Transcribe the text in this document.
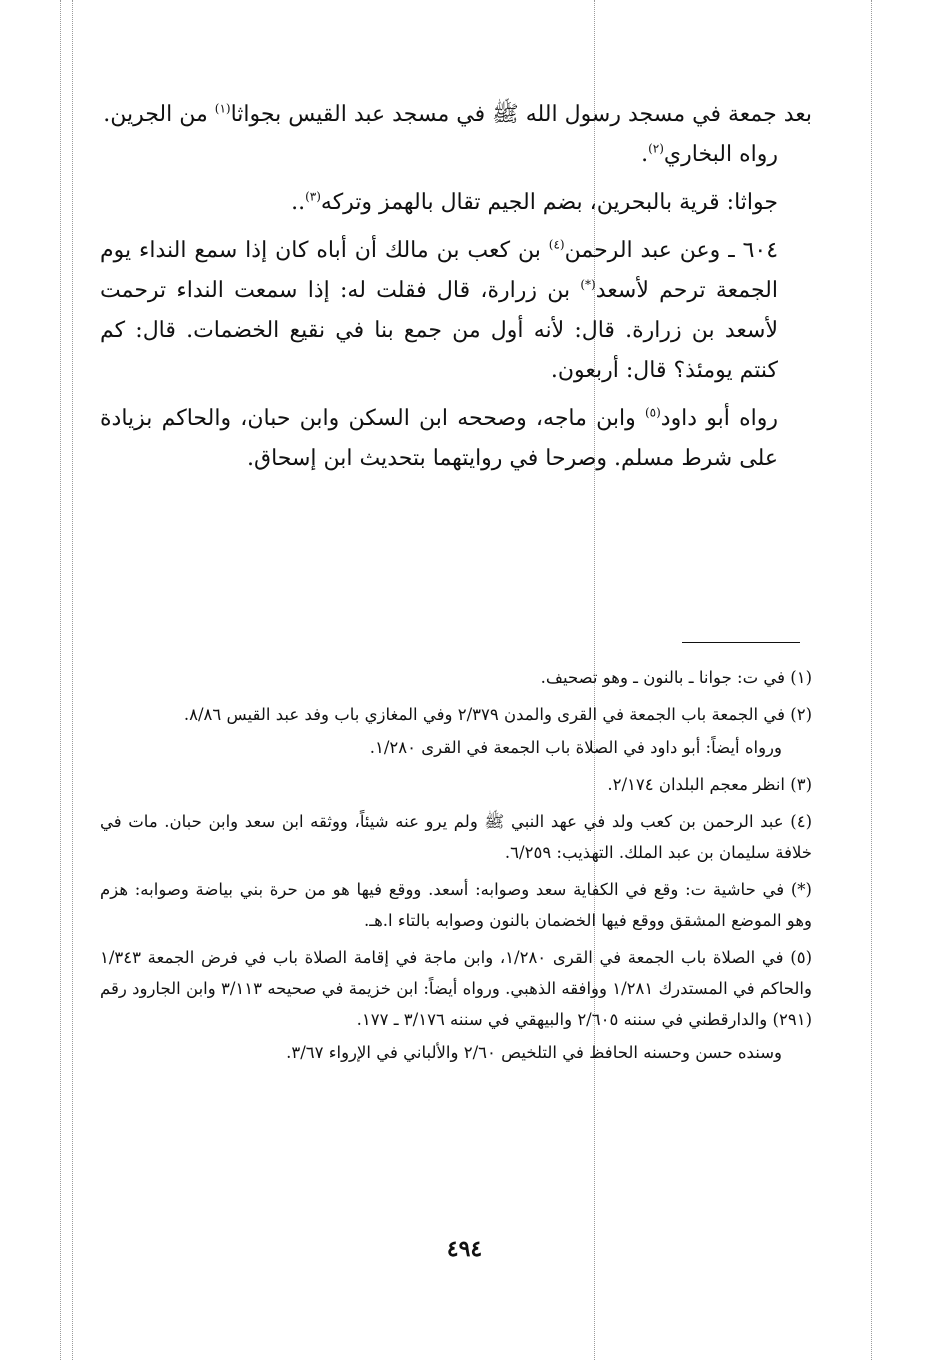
بعد جمعة في مسجد رسول الله ﷺ في مسجد عبد القيس بجواثا$^{(١)}$ من الجرين.

رواه البخاري$^{(٢)}$.

جواثا: قرية بالبحرين، بضم الجيم تقال بالهمز وتركه$^{(٣)}$..

٦٠٤ ـ وعن عبد الرحمن$^{(٤)}$ بن كعب بن مالك أن أباه كان إذا سمع النداء يوم الجمعة ترحم لأسعد(*) بن زرارة، قال فقلت له: إذا سمعت النداء ترحمت لأسعد بن زرارة. قال: لأنه أول من جمع بنا في نقيع الخضمات. قال: كم كنتم يومئذ؟ قال: أربعون.

رواه أبو داود$^{(٥)}$ وابن ماجه، وصححه ابن السكن وابن حبان، والحاكم بزيادة على شرط مسلم. وصرحا في روايتهما بتحديث ابن إسحاق.

(١) في ت: جوانا ـ بالنون ـ وهو تصحيف.

(٢) في الجمعة باب الجمعة في القرى والمدن ٢/٣٧٩ وفي المغازي باب وفد عبد القيس ٨/٨٦.

ورواه أيضاً: أبو داود في الصلاة باب الجمعة في القرى ١/٢٨٠.

(٣) انظر معجم البلدان ٢/١٧٤.

(٤) عبد الرحمن بن كعب ولد في عهد النبي ﷺ ولم يرو عنه شيئاً، ووثقه ابن سعد وابن حبان. مات في خلافة سليمان بن عبد الملك. التهذيب: ٦/٢٥٩.

(*) في حاشية ت: وقع في الكفاية سعد وصوابه: أسعد. ووقع فيها هو من حرة بني بياضة وصوابه: هزم وهو الموضع المشقق ووقع فيها الخضمان بالنون وصوابه بالتاء ا.هـ.

(٥) في الصلاة باب الجمعة في القرى ١/٢٨٠، وابن ماجة في إقامة الصلاة باب في فرض الجمعة ١/٣٤٣ والحاكم في المستدرك ١/٢٨١ ووافقه الذهبي. ورواه أيضاً: ابن خزيمة في صحيحه ٣/١١٣ وابن الجارود رقم (٢٩١) والدارقطني في سننه ٢/٦٠٥ والبيهقي في سننه ٣/١٧٦ ـ ١٧٧.

وسنده حسن وحسنه الحافظ في التلخيص ٢/٦٠ والألباني في الإرواء ٣/٦٧.

٤٩٤
